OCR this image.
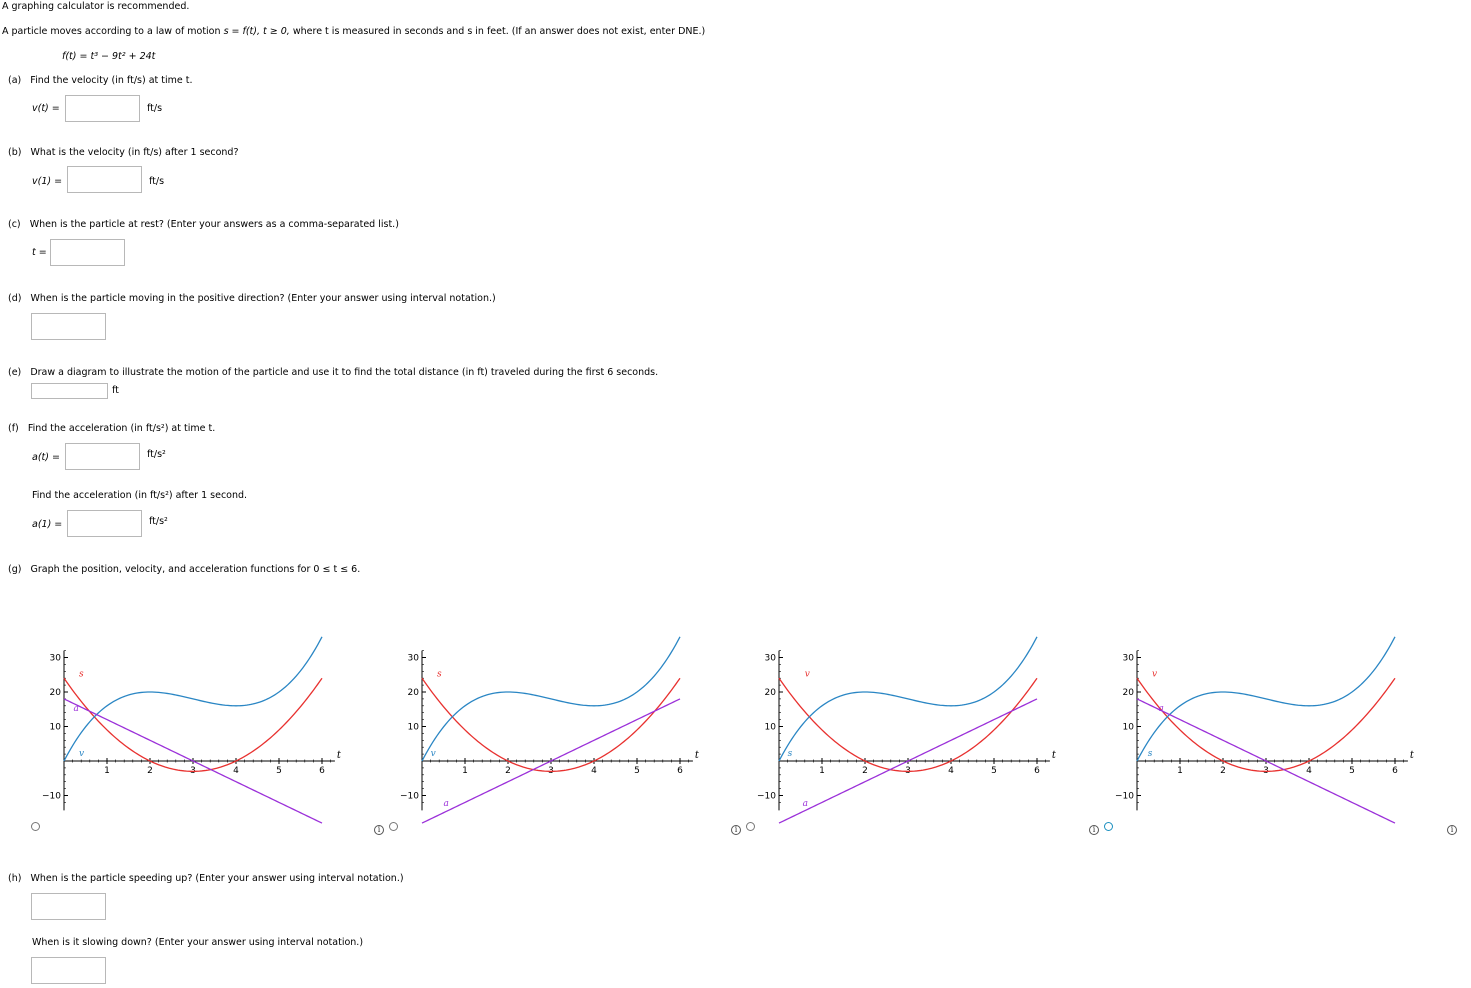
A graphing calculator is recommended.
A particle moves according to a law of motion s = f(t), t ≥ 0, where t is measured in seconds and s in feet. (If an answer does not exist, enter DNE.)
f(t) = t³ − 9t² + 24t
(a) Find the velocity (in ft/s) at time t.
v(t) =	ft/s
(b) What is the velocity (in ft/s) after 1 second?
v(1) =	ft/s
(c) When is the particle at rest? (Enter your answers as a comma-separated list.)
t =
(d) When is the particle moving in the positive direction? (Enter your answer using interval notation.)
(e) Draw a diagram to illustrate the motion of the particle and use it to find the total distance (in ft) traveled during the first 6 seconds.
ft
(f) Find the acceleration (in ft/s²) at time t.
a(t) =	ft/s²
Find the acceleration (in ft/s²) after 1 second.
a(1) =	ft/s²
(g) Graph the position, velocity, and acceleration functions for 0 ≤ t ≤ 6.
1	2	3	4	5	6
−10
10
20
30
t
s
a
v
1	2	3	4	5	6
−10
10
20
30
t
s
a
v
1	2	3	4	5	6
−10
10
20
30
t
v
a
s
1	2	3	4	5	6
−10
10
20
30
t
v
a
s
i	i	i	i
(h) When is the particle speeding up? (Enter your answer using interval notation.)
When is it slowing down? (Enter your answer using interval notation.)
